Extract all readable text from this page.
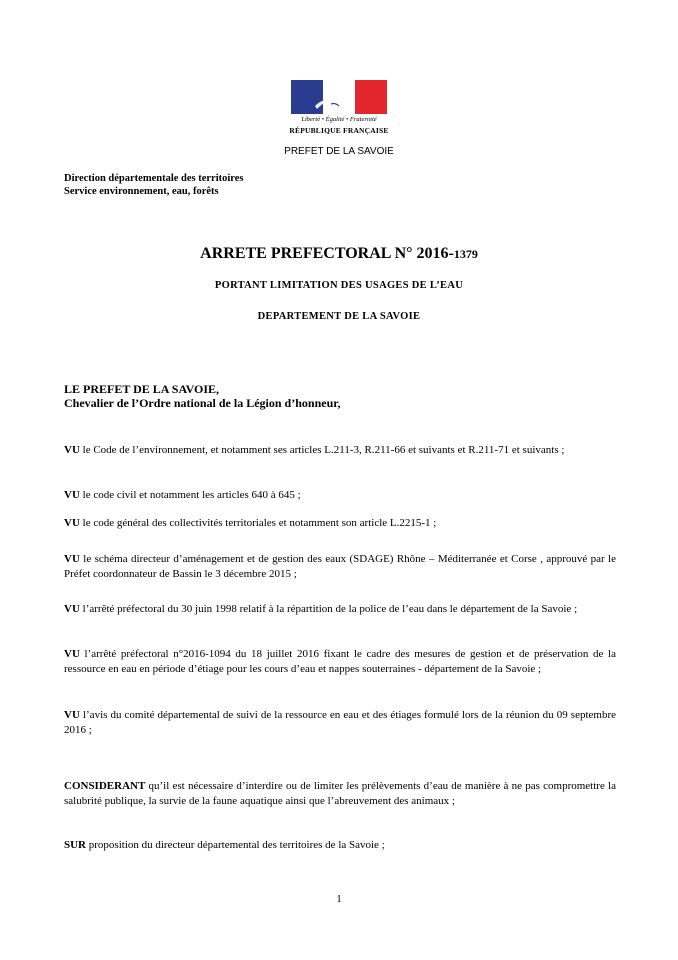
Liberté • Égalité • Fraternité
RÉPUBLIQUE FRANÇAISE
PREFET DE LA SAVOIE
Direction départementale des territoires
Service environnement, eau, forêts
ARRETE PREFECTORAL N° 2016-1379
PORTANT LIMITATION DES USAGES DE L’EAU
DEPARTEMENT DE LA SAVOIE
LE PREFET DE LA SAVOIE,
Chevalier de l’Ordre national de la Légion d’honneur,
VU le Code de l’environnement, et notamment ses articles L.211-3, R.211-66 et suivants et R.211-71 et suivants ;
VU le code civil et notamment les articles 640 à 645 ;
VU le code général des collectivités territoriales et notamment son article L.2215-1 ;
VU le schéma directeur d’aménagement et de gestion des eaux (SDAGE) Rhône – Méditerranée et Corse , approuvé par le Préfet coordonnateur de Bassin le 3 décembre 2015 ;
VU l’arrêté préfectoral du 30 juin 1998 relatif à la répartition de la police de l’eau dans le département de la Savoie ;
VU l’arrêté préfectoral n°2016-1094 du 18 juillet 2016 fixant le cadre des mesures de gestion et de préservation de la ressource en eau en période d’étiage pour les cours d’eau et nappes souterraines - département de la Savoie ;
VU l’avis du comité départemental de suivi de la ressource en eau et des étiages formulé lors de la réunion du 09 septembre 2016 ;
CONSIDERANT qu’il est nécessaire d’interdire ou de limiter les prélèvements d’eau de manière à ne pas compromettre la salubrité publique, la survie de la faune aquatique ainsi que l’abreuvement des animaux ;
SUR proposition du directeur départemental des territoires de la Savoie ;
1
